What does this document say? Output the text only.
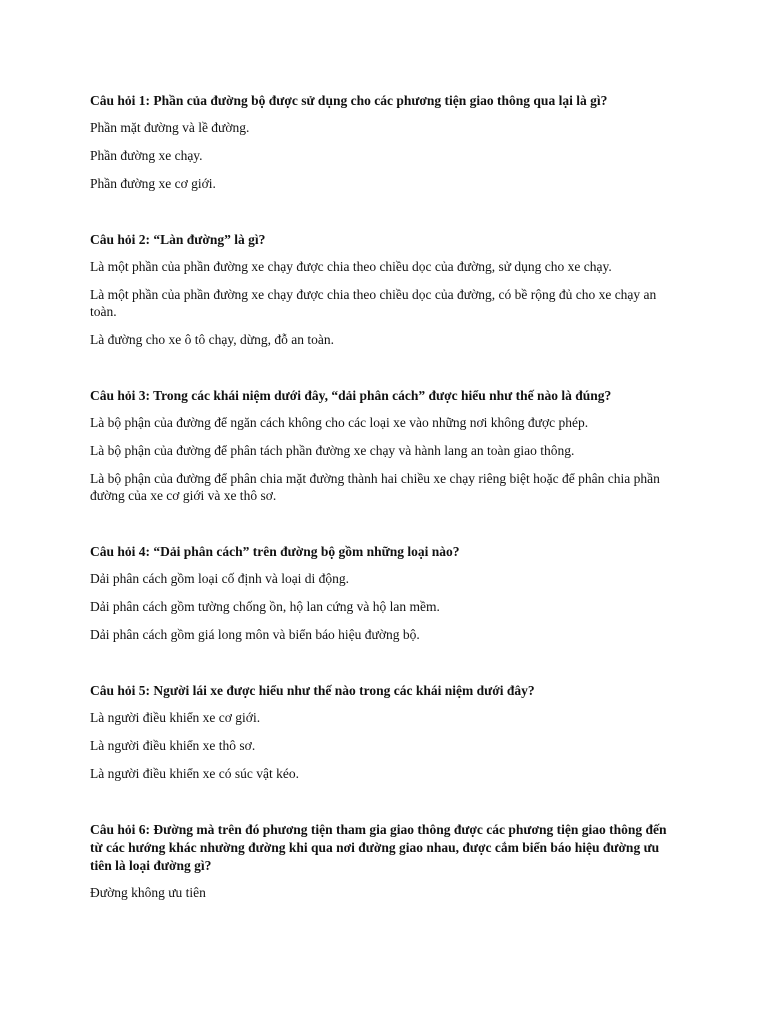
Câu hỏi 1: Phần của đường bộ được sử dụng cho các phương tiện giao thông qua lại là gì?

Phần mặt đường và lề đường.

Phần đường xe chạy.

Phần đường xe cơ giới.

Câu hỏi 2: “Làn đường” là gì?

Là một phần của phần đường xe chạy được chia theo chiều dọc của đường, sử dụng cho xe chạy.

Là một phần của phần đường xe chạy được chia theo chiều dọc của đường, có bề rộng đủ cho xe chạy an toàn.

Là đường cho xe ô tô chạy, dừng, đỗ an toàn.

Câu hỏi 3: Trong các khái niệm dưới đây, “dải phân cách” được hiểu như thế nào là đúng?

Là bộ phận của đường để ngăn cách không cho các loại xe vào những nơi không được phép.

Là bộ phận của đường để phân tách phần đường xe chạy và hành lang an toàn giao thông.

Là bộ phận của đường để phân chia mặt đường thành hai chiều xe chạy riêng biệt hoặc để phân chia phần đường của xe cơ giới và xe thô sơ.

Câu hỏi 4: “Dải phân cách” trên đường bộ gồm những loại nào?

Dải phân cách gồm loại cố định và loại di động.

Dải phân cách gồm tường chống ồn, hộ lan cứng và hộ lan mềm.

Dải phân cách gồm giá long môn và biển báo hiệu đường bộ.

Câu hỏi 5: Người lái xe được hiểu như thế nào trong các khái niệm dưới đây?

Là người điều khiển xe cơ giới.

Là người điều khiển xe thô sơ.

Là người điều khiển xe có súc vật kéo.

Câu hỏi 6: Đường mà trên đó phương tiện tham gia giao thông được các phương tiện giao thông đến từ các hướng khác nhường đường khi qua nơi đường giao nhau, được cắm biển báo hiệu đường ưu tiên là loại đường gì?

Đường không ưu tiên
